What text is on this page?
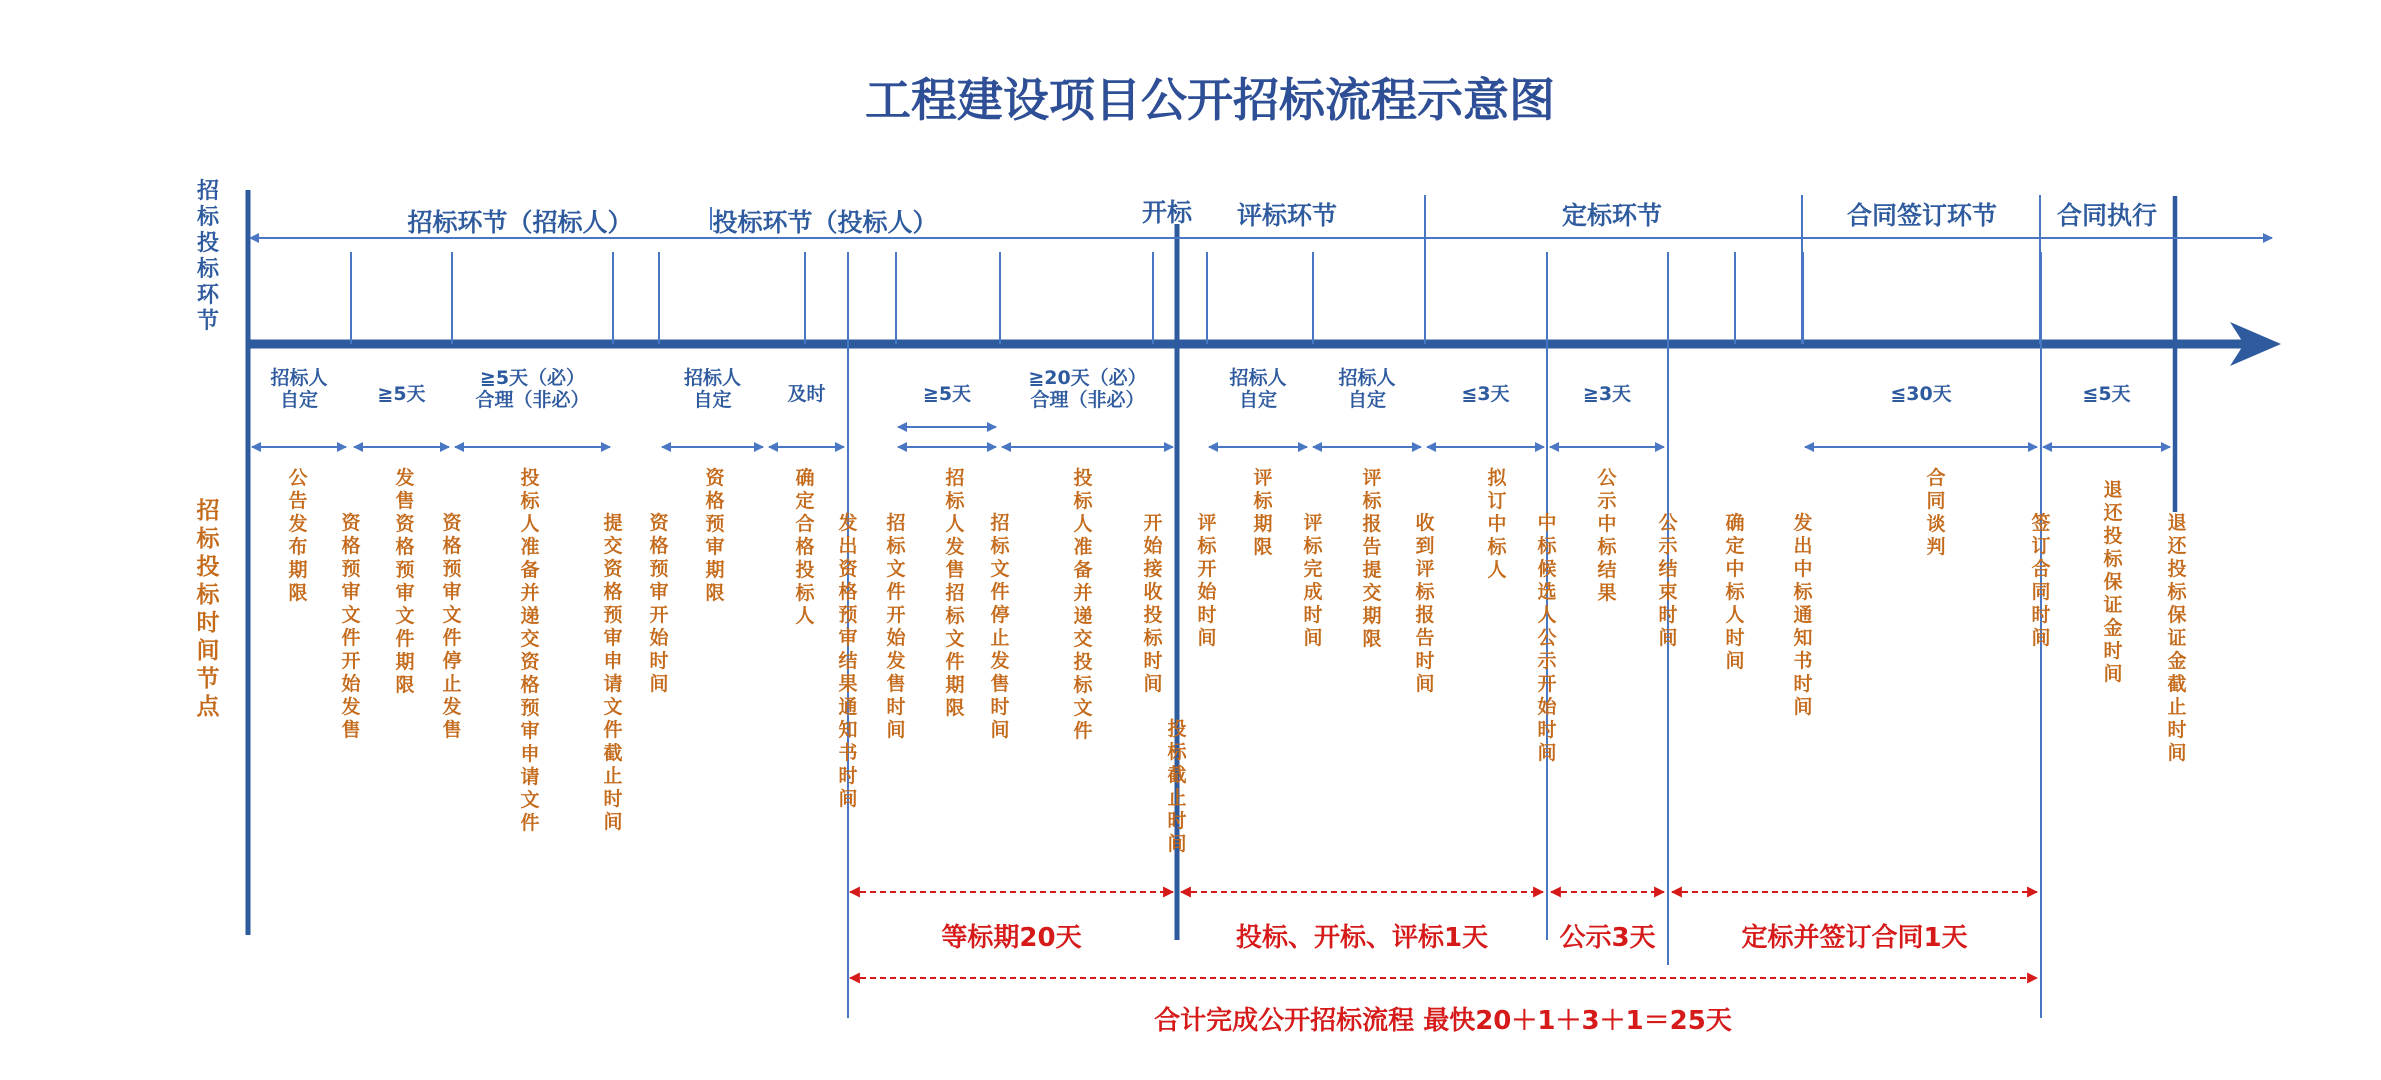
工程建设项目公开招标流程示意图
招标环节（招标人）	投标环节（投标人）	开标 评标环节	定标环节	合同签订环节 合同执行
招标人
自定	≧5天
≧5天（必）
合理（非必）
招标人
自定	及时	≧5天
≧20天（必）
合理（非必）
招标人
自定
招标人
自定	≦3天	≧3天	≦30天	≦5天
公告发布期限
资格预审文件开始发售
发售资格预审文件期限
资格预审文件停止发售
投标人准备并递交资格预审申请文件
提交资格预审申请文件截止时间
资格预审开始时间
资格预审期限
确定合格投标人
发出资格预审结果通知书时间
招标文件开始发售时间
招标人发售招标文件期限
招标文件停止发售时间
投标人准备并递交投标文件
开始接收投标时间
投标截止时间
评标开始时间
评标期限
评标完成时间
评标报告提交期限
收到评标报告时间
拟订中标人
中标候选人公示开始时间
公示中标结果
公示结束时间
确定中标人时间
发出中标通知书时间
合同谈判
签订合同时间
退还投标保证金时间
退还投标保证金截止时间
招标投标环节
招标投标时间节点
等标期20天	投标、开标、评标1天	公示3天	定标并签订合同1天
合计完成公开招标流程 最快20＋1＋3＋1＝25天
